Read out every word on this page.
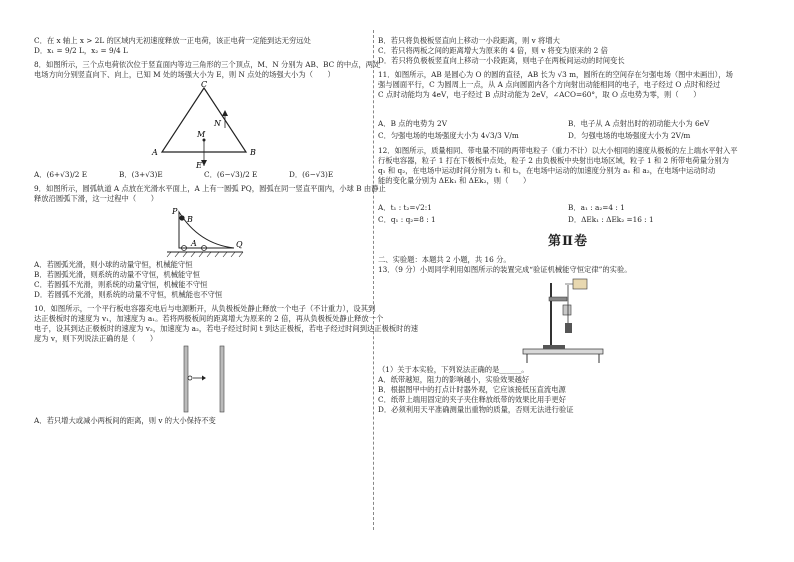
C．在 x 轴上 x > 2L 的区域内无初速度释放一正电荷，该正电荷一定能到达无穷远处
D．x₁ = 9/2 L，x₂ = 9/4 L
8．如图所示，三个点电荷依次位于竖直面内等边三角形的三个顶点，M、N 分别为 AB、BC 的中点，两处
电场方向分别竖直向下、向上，已知 M 处的场强大小为 E，则 N 点处的场强大小为（　　）
C
A	B
N
M
E
A．(6+√3)/2 E	B．(3+√3)E	C．(6−√3)/2 E	D．(6−√3)E
9．如图所示，圆弧轨道 A 点放在光滑水平面上，A 上有一圆弧 PQ，圆弧在同一竖直平面内，小球 B 由静止
释放沿圆弧下滑，这一过程中（　　）
P
B
A	Q
A．若圆弧光滑，则小球的动量守恒，机械能守恒
B．若圆弧光滑，则系统的动量不守恒，机械能守恒
C．若圆弧不光滑，则系统的动量守恒，机械能不守恒
D．若圆弧不光滑，则系统的动量不守恒，机械能也不守恒
10．如图所示，一个平行板电容器充电后与电源断开，从负极板处静止释放一个电子（不计重力），设其到
达正极板时的速度为 v₁，加速度为 a₁。若将两极板间的距离增大为原来的 2 倍，再从负极板处静止释放一个
电子，设其到达正极板时的速度为 v₂，加速度为 a₂，若电子经过时间 t 到达正极板，若电子经过时间到达正极板时的速
度为 v，则下列说法正确的是（　　）
A．若只增大或减小两板间的距离，则 v 的大小保持不变
B．若只将负极板竖直向上移动一小段距离，则 v 将增大
C．若只将两板之间的距离增大为原来的 4 倍，则 v 将变为原来的 2 倍
D．若只将负极板竖直向上移动一小段距离，则电子在两板间运动的时间变长
11．如图所示，AB 是圆心为 O 的圆的直径，AB 长为 √3 m，圆所在的空间存在匀强电场（图中未画出），场
强与圆面平行，C 为圆周上一点，从 A 点向圆面内各个方向射出动能相同的电子，电子经过 O 点时和经过
C 点时动能均为 4eV，电子经过 B 点时动能为 2eV，∠ACO=60°，取 O 点电势为零，则（　　）
A．B 点的电势为 2V	B．电子从 A 点射出时的初动能大小为 6eV
C．匀强电场的电场强度大小为 4√3/3 V/m	D．匀强电场的电场强度大小为 2V/m
12．如图所示，质量相同、带电量不同的两带电粒子（重力不计）以大小相同的速度从极板的左上端水平射入平
行板电容器，粒子 1 打在下极板中点处，粒子 2 由负极板中央射出电场区域，粒子 1 和 2 所带电荷量分别为
q₁ 和 q₂，在电场中运动时间分别为 t₁ 和 t₂，在电场中运动的加速度分别为 a₁ 和 a₂，在电场中运动时动
能的变化量分别为 ΔEk₁ 和 ΔEk₂，则（　　）
A．t₁ : t₂=√2:1	B．a₁ : a₂=4 : 1
C．q₁ : q₂=8 : 1	D．ΔEk₁ : ΔEk₂ =16 : 1
第Ⅱ卷
二、实验题：本题共 2 小题，共 16 分。
13．（9 分）小周同学利用如图所示的装置完成“验证机械能守恒定律”的实验。
（1）关于本实验，下列说法正确的是______。
A．纸带越短，阻力的影响越小，实验效果越好
B．根据图甲中的打点计时器外观，它应该接低压直流电源
C．纸带上端用固定的夹子夹住释放纸带的效果比用手更好
D．必须利用天平准确测量出重物的质量，否则无法进行验证
